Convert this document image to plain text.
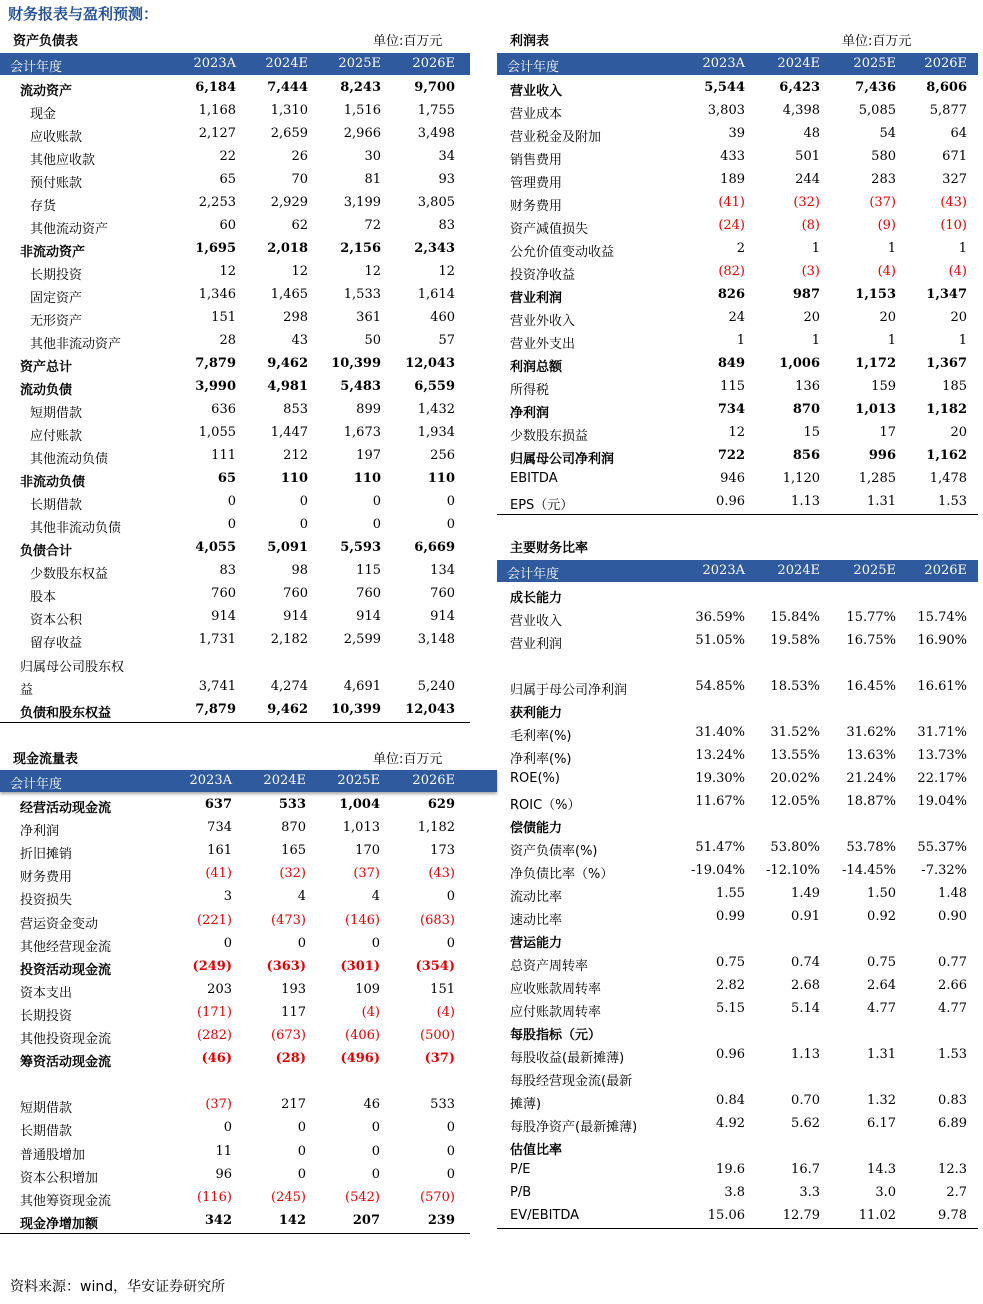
财务报表与盈利预测：
资产负债表	单位:百万元
会计年度	2023A 2024E 2025E 2026E
流动资产	6,184 7,444 8,243	9,700
现金	1,168	1,310	1,516	1,755
应收账款	2,127	2,659	2,966	3,498
其他应收款	22	26	30	34
预付账款	65	70	81	93
存货	2,253	2,929	3,199	3,805
其他流动资产	60	62	72	83
非流动资产	1,695 2,018 2,156	2,343
长期投资	12	12	12	12
固定资产	1,346	1,465	1,533	1,614
无形资产	151	298	361	460
其他非流动资产	28	43	50	57
资产总计	7,879 9,462 10,399 12,043
流动负债	3,990 4,981 5,483	6,559
短期借款	636	853	899	1,432
应付账款	1,055	1,447	1,673	1,934
其他流动负债	111	212	197	256
非流动负债	65	110	110	110
长期借款	0	0	0	0
其他非流动负债	0	0	0	0
负债合计	4,055 5,091 5,593	6,669
少数股东权益	83	98	115	134
股本	760	760	760	760
资本公积	914	914	914	914
留存收益	1,731	2,182	2,599	3,148
归属母公司股东权
益	3,741	4,274	4,691	5,240
负债和股东权益	7,879 9,462 10,399 12,043
利润表	单位:百万元
会计年度	2023A 2024E	2025E 2026E
营业收入	5,544	6,423	7,436 8,606
营业成本	3,803	4,398	5,085	5,877
营业税金及附加	39	48	54	64
销售费用	433	501	580	671
管理费用	189	244	283	327
财务费用	(41)	(32)	(37)	(43)
资产减值损失	(24)	(8)	(9)	(10)
公允价值变动收益	2	1	1	1
投资净收益	(82)	(3)	(4)	(4)
营业利润	826	987	1,153 1,347
营业外收入	24	20	20	20
营业外支出	1	1	1	1
利润总额	849	1,006	1,172 1,367
所得税	115	136	159	185
净利润	734	870	1,013 1,182
少数股东损益	12	15	17	20
归属母公司净利润	722	856	996 1,162
EBITDA	946	1,120	1,285	1,478
EPS（元）	0.96	1.13	1.31	1.53
主要财务比率
会计年度	2023A 2024E	2025E 2026E
成长能力
营业收入	36.59% 15.84% 15.77% 15.74%
营业利润	51.05% 19.58% 16.75% 16.90%
归属于母公司净利润	54.85% 18.53% 16.45% 16.61%
获利能力
毛利率(%)	31.40% 31.52% 31.62% 31.71%
净利率(%)	13.24% 13.55% 13.63% 13.73%
ROE(%)	19.30% 20.02% 21.24% 22.17%
ROIC（%）	11.67% 12.05% 18.87% 19.04%
偿债能力
资产负债率(%)	51.47% 53.80% 53.78% 55.37%
净负债比率（%）	-19.04% -12.10% -14.45% -7.32%
流动比率	1.55	1.49	1.50	1.48
速动比率	0.99	0.91	0.92	0.90
营运能力
总资产周转率	0.75	0.74	0.75	0.77
应收账款周转率	2.82	2.68	2.64	2.66
应付账款周转率	5.15	5.14	4.77	4.77
每股指标（元）
每股收益(最新摊薄)	0.96	1.13	1.31	1.53
每股经营现金流(最新
摊薄)	0.84	0.70	1.32	0.83
每股净资产(最新摊薄)	4.92	5.62	6.17	6.89
估值比率
P/E	19.6	16.7	14.3	12.3
P/B	3.8	3.3	3.0	2.7
EV/EBITDA	15.06	12.79	11.02	9.78
现金流量表	单位:百万元
会计年度	2023A 2024E 2025E 2026E
经营活动现金流	637	533	1,004	629
净利润	734	870	1,013	1,182
折旧摊销	161	165	170	173
财务费用	(41)	(32)	(37)	(43)
投资损失	3	4	4	0
营运资金变动	(221)	(473)	(146)	(683)
其他经营现金流	0	0	0	0
投资活动现金流	(249)	(363)	(301)	(354)
资本支出	203	193	109	151
长期投资	(171)	117	(4)	(4)
其他投资现金流	(282)	(673)	(406)	(500)
筹资活动现金流	(46)	(28)	(496)	(37)
短期借款	(37)	217	46	533
长期借款	0	0	0	0
普通股增加	11	0	0	0
资本公积增加	96	0	0	0
其他筹资现金流	(116)	(245)	(542)	(570)
现金净增加额	342	142	207	239
资料来源：wind，华安证券研究所
